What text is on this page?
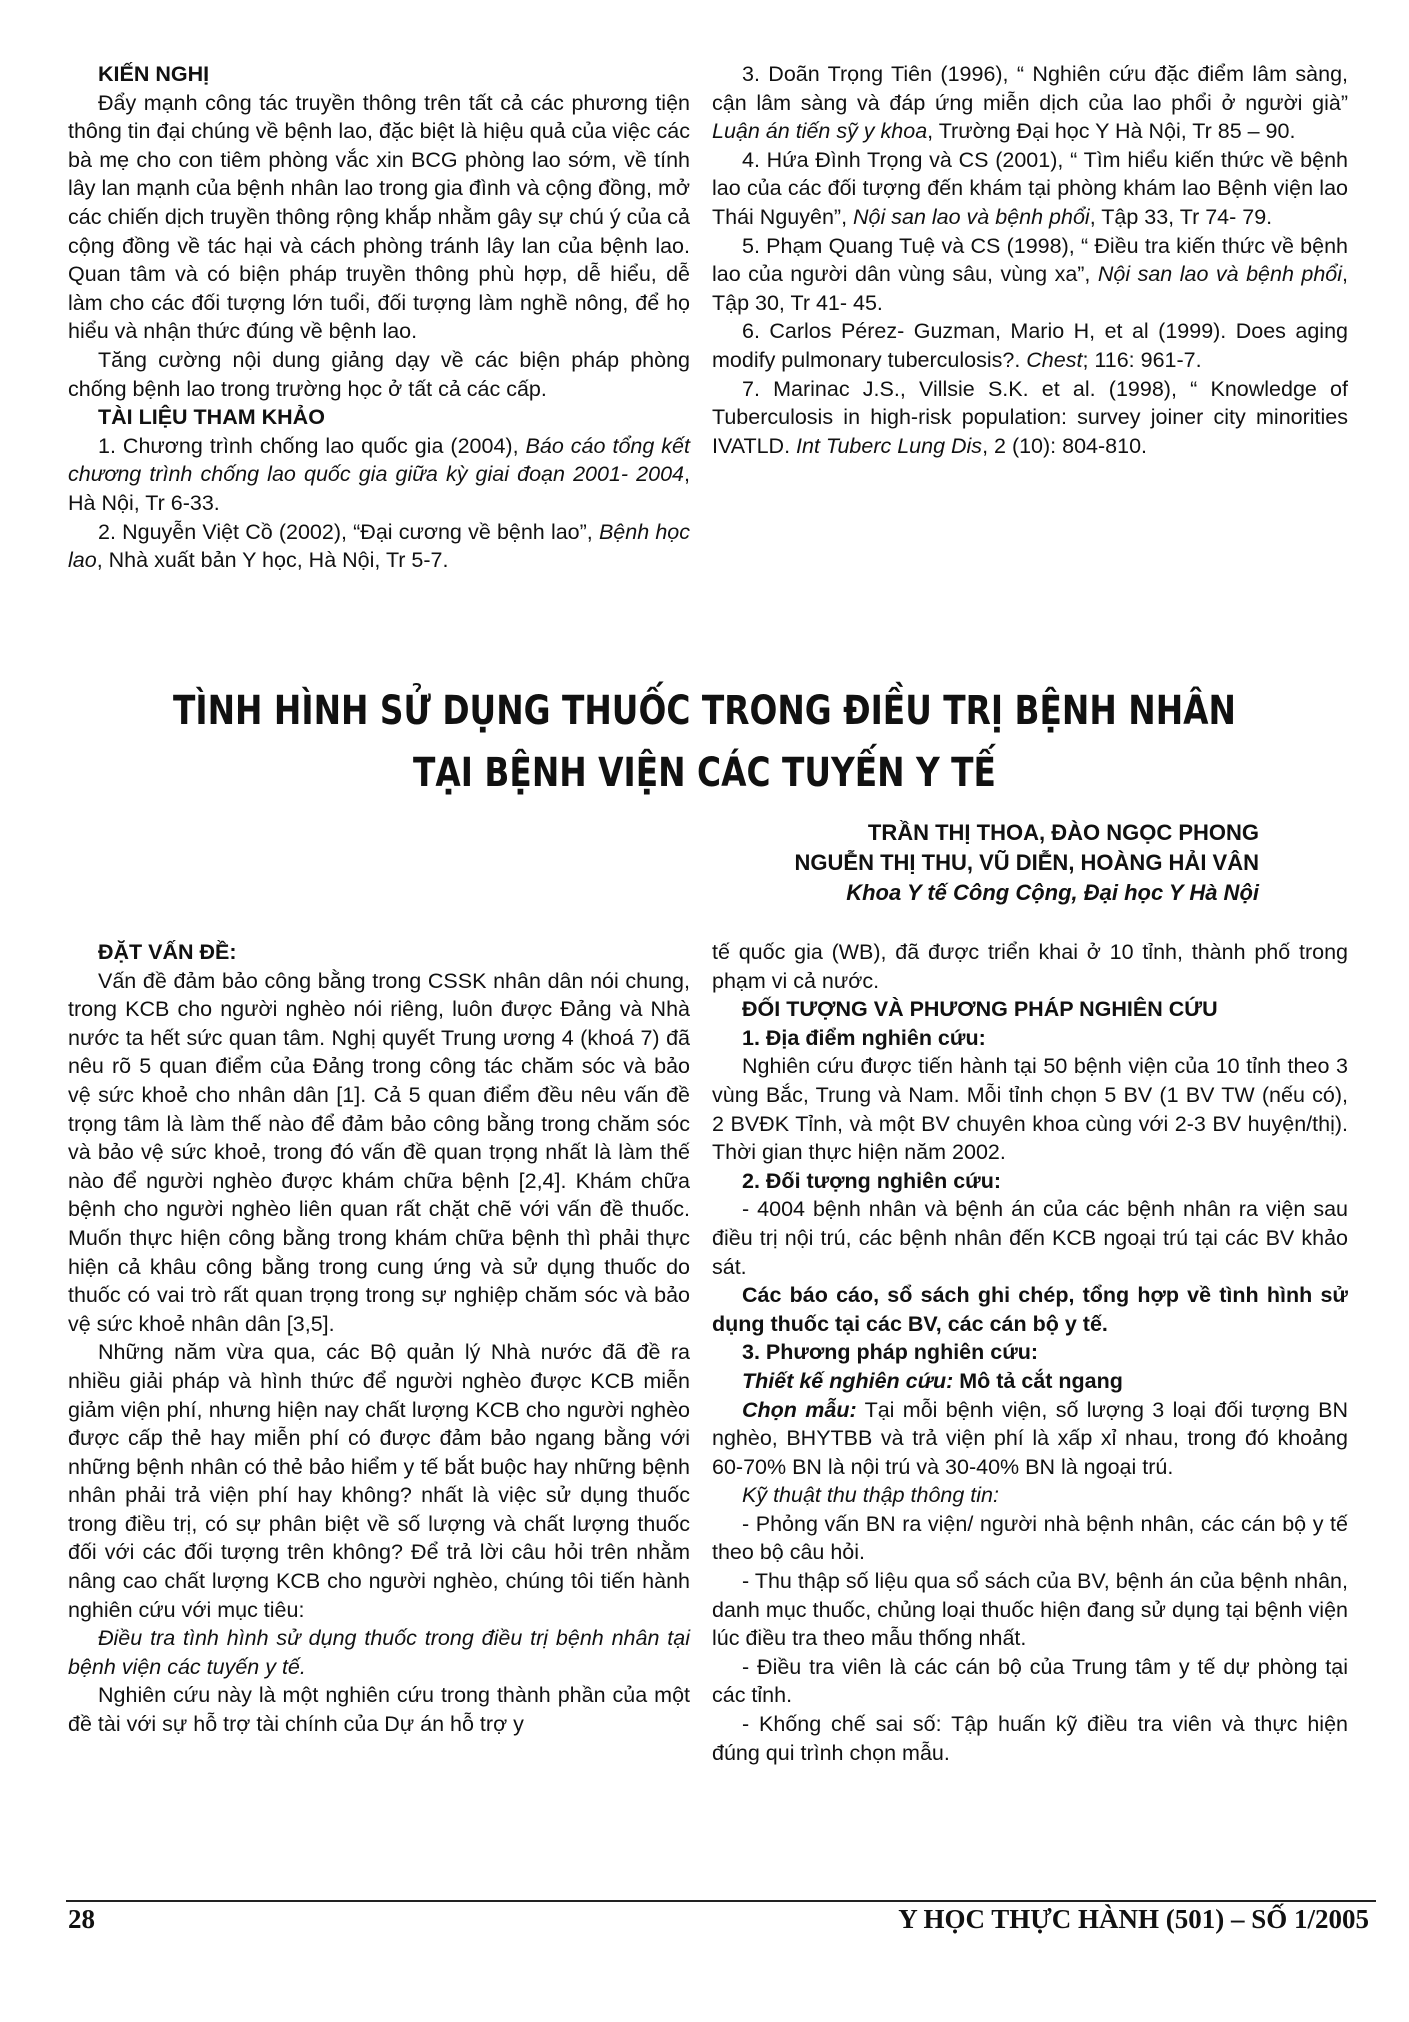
KIẾN NGHỊ

Đẩy mạnh công tác truyền thông trên tất cả các phương tiện thông tin đại chúng về bệnh lao, đặc biệt là hiệu quả của việc các bà mẹ cho con tiêm phòng vắc xin BCG phòng lao sớm, về tính lây lan mạnh của bệnh nhân lao trong gia đình và cộng đồng, mở các chiến dịch truyền thông rộng khắp nhằm gây sự chú ý của cả cộng đồng về tác hại và cách phòng tránh lây lan của bệnh lao. Quan tâm và có biện pháp truyền thông phù hợp, dễ hiểu, dễ làm cho các đối tượng lớn tuổi, đối tượng làm nghề nông, để họ hiểu và nhận thức đúng về bệnh lao.

Tăng cường nội dung giảng dạy về các biện pháp phòng chống bệnh lao trong trường học ở tất cả các cấp.

TÀI LIỆU THAM KHẢO

1. Chương trình chống lao quốc gia (2004), Báo cáo tổng kết chương trình chống lao quốc gia giữa kỳ giai đoạn 2001- 2004, Hà Nội, Tr 6-33.

2. Nguyễn Việt Cồ (2002), “Đại cương về bệnh lao”, Bệnh học lao, Nhà xuất bản Y học, Hà Nội, Tr 5-7.

3. Doãn Trọng Tiên (1996), “ Nghiên cứu đặc điểm lâm sàng, cận lâm sàng và đáp ứng miễn dịch của lao phổi ở người già” Luận án tiến sỹ y khoa, Trường Đại học Y Hà Nội, Tr 85 – 90.

4. Hứa Đình Trọng và CS (2001), “ Tìm hiểu kiến thức về bệnh lao của các đối tượng đến khám tại phòng khám lao Bệnh viện lao Thái Nguyên”, Nội san lao và bệnh phổi, Tập 33, Tr 74- 79.

5. Phạm Quang Tuệ và CS (1998), “ Điều tra kiến thức về bệnh lao của người dân vùng sâu, vùng xa”, Nội san lao và bệnh phổi, Tập 30, Tr 41- 45.

6. Carlos Pérez- Guzman, Mario H, et al (1999). Does aging modify pulmonary tuberculosis?. Chest; 116: 961-7.

7. Marinac J.S., Villsie S.K. et al. (1998), “ Knowledge of Tuberculosis in high-risk population: survey joiner city minorities IVATLD. Int Tuberc Lung Dis, 2 (10): 804-810.

TÌNH HÌNH SỬ DỤNG THUỐC TRONG ĐIỀU TRỊ BỆNH NHÂN
TẠI BỆNH VIỆN CÁC TUYẾN Y TẾ
TRẦN THỊ THOA, ĐÀO NGỌC PHONG
NGUỄN THỊ THU, VŨ DIỄN, HOÀNG HẢI VÂN
Khoa Y tế Công Cộng, Đại học Y Hà Nội

ĐẶT VẤN ĐỀ:

Vấn đề đảm bảo công bằng trong CSSK nhân dân nói chung, trong KCB cho người nghèo nói riêng, luôn được Đảng và Nhà nước ta hết sức quan tâm. Nghị quyết Trung ương 4 (khoá 7) đã nêu rõ 5 quan điểm của Đảng trong công tác chăm sóc và bảo vệ sức khoẻ cho nhân dân [1]. Cả 5 quan điểm đều nêu vấn đề trọng tâm là làm thế nào để đảm bảo công bằng trong chăm sóc và bảo vệ sức khoẻ, trong đó vấn đề quan trọng nhất là làm thế nào để người nghèo được khám chữa bệnh [2,4]. Khám chữa bệnh cho người nghèo liên quan rất chặt chẽ với vấn đề thuốc. Muốn thực hiện công bằng trong khám chữa bệnh thì phải thực hiện cả khâu công bằng trong cung ứng và sử dụng thuốc do thuốc có vai trò rất quan trọng trong sự nghiệp chăm sóc và bảo vệ sức khoẻ nhân dân [3,5].

Những năm vừa qua, các Bộ quản lý Nhà nước đã đề ra nhiều giải pháp và hình thức để người nghèo được KCB miễn giảm viện phí, nhưng hiện nay chất lượng KCB cho người nghèo được cấp thẻ hay miễn phí có được đảm bảo ngang bằng với những bệnh nhân có thẻ bảo hiểm y tế bắt buộc hay những bệnh nhân phải trả viện phí hay không? nhất là việc sử dụng thuốc trong điều trị, có sự phân biệt về số lượng và chất lượng thuốc đối với các đối tượng trên không? Để trả lời câu hỏi trên nhằm nâng cao chất lượng KCB cho người nghèo, chúng tôi tiến hành nghiên cứu với mục tiêu:

Điều tra tình hình sử dụng thuốc trong điều trị bệnh nhân tại bệnh viện các tuyến y tế.

Nghiên cứu này là một nghiên cứu trong thành phần của một đề tài với sự hỗ trợ tài chính của Dự án hỗ trợ y

tế quốc gia (WB), đã được triển khai ở 10 tỉnh, thành phố trong phạm vi cả nước.

ĐỐI TƯỢNG VÀ PHƯƠNG PHÁP NGHIÊN CỨU

1. Địa điểm nghiên cứu:

Nghiên cứu được tiến hành tại 50 bệnh viện của 10 tỉnh theo 3 vùng Bắc, Trung và Nam. Mỗi tỉnh chọn 5 BV (1 BV TW (nếu có), 2 BVĐK Tỉnh, và một BV chuyên khoa cùng với 2-3 BV huyện/thị). Thời gian thực hiện năm 2002.

2. Đối tượng nghiên cứu:

- 4004 bệnh nhân và bệnh án của các bệnh nhân ra viện sau điều trị nội trú, các bệnh nhân đến KCB ngoại trú tại các BV khảo sát.

Các báo cáo, sổ sách ghi chép, tổng hợp về tình hình sử dụng thuốc tại các BV, các cán bộ y tế.

3. Phương pháp nghiên cứu:

Thiết kế nghiên cứu: Mô tả cắt ngang

Chọn mẫu: Tại mỗi bệnh viện, số lượng 3 loại đối tượng BN nghèo, BHYTBB và trả viện phí là xấp xỉ nhau, trong đó khoảng 60-70% BN là nội trú và 30-40% BN là ngoại trú.

Kỹ thuật thu thập thông tin:

- Phỏng vấn BN ra viện/ người nhà bệnh nhân, các cán bộ y tế theo bộ câu hỏi.

- Thu thập số liệu qua sổ sách của BV, bệnh án của bệnh nhân, danh mục thuốc, chủng loại thuốc hiện đang sử dụng tại bệnh viện lúc điều tra theo mẫu thống nhất.

- Điều tra viên là các cán bộ của Trung tâm y tế dự phòng tại các tỉnh.

- Khống chế sai số: Tập huấn kỹ điều tra viên và thực hiện đúng qui trình chọn mẫu.

28	Y HỌC THỰC HÀNH (501) – SỐ 1/2005
